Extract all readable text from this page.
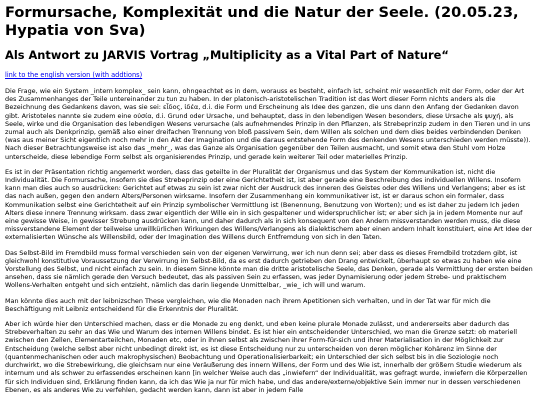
Formursache, Komplexität und die Natur der Seele. (20.05.23, Hypatia von Sva)
Als Antwort zu JARVIS Vortrag „Multiplicity as a Vital Part of Nature“
link to the english version (with addtions)

Die Frage, wie ein System _intern komplex_ sein kann, ohngeachtet es in dem, worauss es besteht, einfach ist, scheint mir wesentlich mit der Form, oder der Art des Zusammenhanges der Teile untereinander zu tun zu haben. In der platonisch-aristotelischen Tradition ist das Wort dieser Form nichts anders als die Bezeichnung des Gedankens davon, was sie sei: εἶδος, ἰδέα, d.i. die Form und Erscheinung als Idee des ganzen, die uns dann den Anfang der Gedanken davon gibt. Aristoteles nannte sie zudem eine οὐσία, d.i. Grund oder Ursache, und behauptet, dass in den lebendigen Wesen besonders, diese Ursache als ψυχή, als Seele, wirke und die Organisation des lebendigen Wesens verursache (als aufnehmendes Prinzip in den Pflanzen, als Strebeprinzip zudem in den Tieren und in uns zumal auch als Denkprinzip, gemäß also einer dreifachen Trennung von bloß passivem Sein, dem Willen als solchen und dem dies beides verbindenden Denken (was aus meiner Sicht eigentlich noch mehr in den Akt der Imagination und die daraus entstehende Form des denkenden Wesens unterschieden werden müsste)). Nach dieser Betrachtungsweise ist also das _mehr_, was das Ganze als Organisation gegenüber den Teilen ausmacht, und somit etwa den Stuhl vom Holze unterscheide, diese lebendige Form selbst als organisierendes Prinzip, und gerade kein weiterer Teil oder materielles Prinzip.

Es ist in der Präsentation richtig angemerkt worden, dass das geteilte in der Pluralität der Organismus und das System der Kommunikation ist, nicht die Individualität. Die Formursache, insofern sie dies Strebeprinzip oder eine Gerichtetheit ist, ist aber gerade eine Beschreibung des individuellen Willens. Insofern kann man dies auch so ausdrücken: Gerichtet auf etwas zu sein ist zwar nicht der Ausdruck des inneren des Geistes oder des Willens und Verlangens; aber es ist das nach außen, gegen den andern Alters/Personen wirksame. Insofern der Zusammenhang ein kommunikativer ist, ist er daraus schon ein formaler, dass Kommunikation selbst eine Gerichtetheit auf ein Prinzip symbolischer Vermittlung ist (Benennung, Benutzung von Worten); und es ist daher zu jedem Ich jeden Alters diese innere Trennung wirksam. dass zwar eigentlich der Wille ein in sich gespaltener und widerspruchlicher ist; er aber sich ja in jedem Momente nur auf eine gewisse Weise, in gewisser Strebung ausdrücken kann, und daher dadurch als in sich konsequent von den Andern missverstanden werden muss, die diese missverstandene Element der teilweise unwillkürlichen Wirkungen des Willens/Verlangens als dialektischem aber einen andern Inhalt konstituiert, eine Art Idee der externalisierten Wünsche als Willensbild, oder der Imagination des Willens durch Entfremdung von sich in den Taten.

Das Selbst-Bild im Fremdbild muss formal verschieden sein von der eigenen Verwirrung, wer ich nun denn sei; aber dass es dieses Fremdbild trotzdem gibt, ist gleichwohl konstitutive Voraussetzung der Verwirrung im Selbst-Bild, da es erst dadurch getrieben den Drang entwickelt, überhaupt so etwas zu haben wie eine Vorstellung des Selbst, und nicht einfach zu sein. In diesem Sinne könnte man die dritte aristotelische Seele, das Denken, gerade als Vermittlung der ersten beiden ansehen, dass sie nämlich gerade den Versuch bedeutet, das als passiven Sein zu erfassen, was jeder Dynamisierung oder jedem Strebe- und praktischem Wollens-Verhalten entgeht und sich entzieht, nämlich das darin liegende Unmittelbar, _wie_ ich will und warum.

Man könnte dies auch mit der leibnizschen These vergleichen, wie die Monaden nach ihrem Apetitionen sich verhalten, und in der Tat war für mich die Beschäftigung mit Leibniz entscheidend für die Erkenntnis der Pluralität.

Aber ich würde hier den Unterschied machen, dass er die Monade zu eng denkt, und eben keine plurale Monade zulässt, und andererseits aber dadurch das Strebeverhalten zu sehr an das Wie und Warum des internen Willens bindet. Es ist hier ein entscheidender Unterschied, wo man die Grenze setzt: ob materiell zwischen den Zellen, Elementarteilchen, Monaden etc, oder in ihnen selbst als zwischen ihrer Form-für-sich und ihrer Materialisation in der Möglichkeit zur Entscheidung (welche selbst aber nicht unbedingt direkt ist, es ist diese Entscheidung nur zu unterscheiden von deren möglicher Kohärenz im Sinne der (quantenmechanischen oder auch makrophysischen) Beobachtung und Operationalisierbarkeit; ein Unterschied der sich selbst bis in die Soziologie noch durchwirkt, wo die Strebewirkung, die gleichsam nur eine Veräußerung des innern Willens, der Form und des Wie ist, innerhalb der größern Studie wiederum als internum und als schwer zu erfassendes erscheinen kann [in welcher Weise auch das „inwiefern“ der Individualität, was gefragt wurde, inwiefern die Körperzellen für sich Individuen sind, Erklärung finden kann, da ich das Wie ja nur für mich habe, und das andere/externe/objektive Sein immer nur in dessen verschiedenen Ebenen, es als anderes Wie zu verfehlen, gedacht werden kann, dann ist aber in jedem Falle
